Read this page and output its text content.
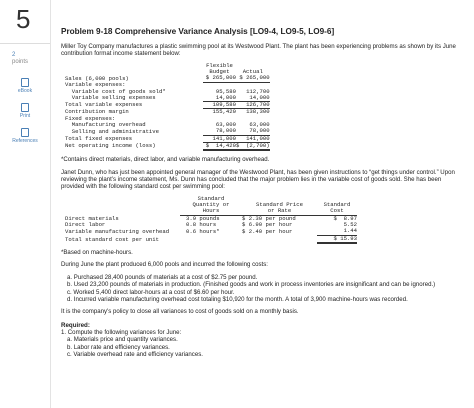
5
2
points
eBook
Print
References
Problem 9-18 Comprehensive Variance Analysis [LO9-4, LO9-5, LO9-6]

Miller Toy Company manufactures a plastic swimming pool at its Westwood Plant. The plant has been experiencing problems as shown by its June contribution format income statement below:

	Flexible	
	Budget	Actual
Sales (6,000 pools)	$ 265,000	$ 265,000
Variable expenses:		
Variable cost of goods sold*	95,580	112,700
Variable selling expenses	14,000	14,000
Total variable expenses	109,580	126,700
Contribution margin	155,420	138,300
Fixed expenses:		
Manufacturing overhead	63,000	63,000
Selling and administrative	78,000	78,000
Total fixed expenses	141,000	141,000
Net operating income (loss)	$  14,420	$  (2,700)

*Contains direct materials, direct labor, and variable manufacturing overhead.

Janet Dunn, who has just been appointed general manager of the Westwood Plant, has been given instructions to “get things under control.” Upon reviewing the plant’s income statement, Ms. Dunn has concluded that the major problem lies in the variable cost of goods sold. She has been provided with the following standard cost per swimming pool:

	Standard		
	Quantity or	Standard Price	Standard
	Hours	or Rate	Cost
Direct materials	3.9 pounds	$ 2.30 per pound	$  8.97
Direct labor	0.8 hours	$ 6.90 per hour	5.52
Variable manufacturing overhead	0.6 hours*	$ 2.40 per hour	1.44
Total standard cost per unit			$ 15.93

*Based on machine-hours.

During June the plant produced 6,000 pools and incurred the following costs:

a. Purchased 28,400 pounds of materials at a cost of $2.75 per pound.
b. Used 23,200 pounds of materials in production. (Finished goods and work in process inventories are insignificant and can be ignored.)
c. Worked 5,400 direct labor-hours at a cost of $6.60 per hour.
d. Incurred variable manufacturing overhead cost totaling $10,920 for the month. A total of 3,900 machine-hours was recorded.

It is the company's policy to close all variances to cost of goods sold on a monthly basis.

Required:
1. Compute the following variances for June:
a. Materials price and quantity variances.
b. Labor rate and efficiency variances.
c. Variable overhead rate and efficiency variances.
